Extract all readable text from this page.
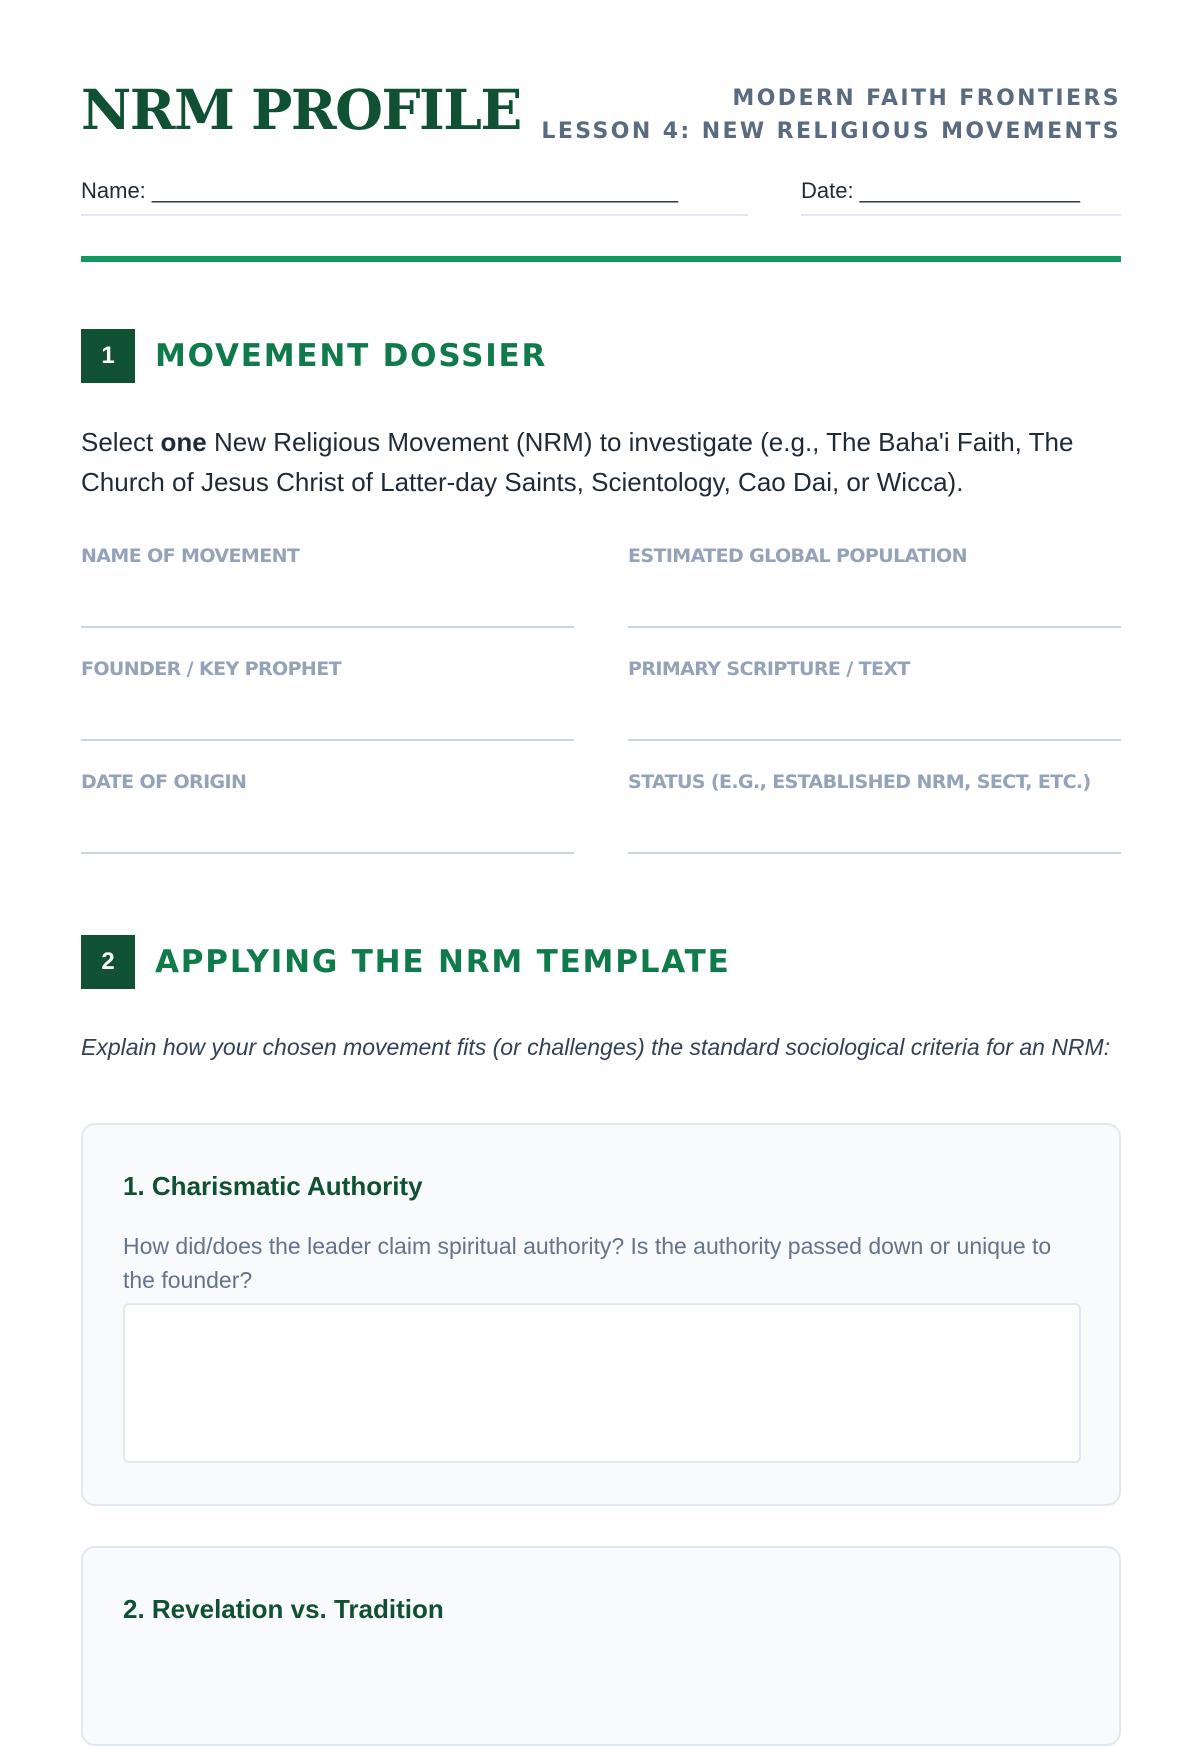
NRM PROFILE	MODERN FAITH FRONTIERS
LESSON 4: NEW RELIGIOUS MOVEMENTS
Name: ___________________________________________	Date: __________________
1	MOVEMENT DOSSIER

Select one New Religious Movement (NRM) to investigate (e.g., The Baha'i Faith, The Church of Jesus Christ of Latter-day Saints, Scientology, Cao Dai, or Wicca).

NAME OF MOVEMENT	ESTIMATED GLOBAL POPULATION
FOUNDER / KEY PROPHET	PRIMARY SCRIPTURE / TEXT
DATE OF ORIGIN	STATUS (E.G., ESTABLISHED NRM, SECT, ETC.)
2	APPLYING THE NRM TEMPLATE

Explain how your chosen movement fits (or challenges) the standard sociological criteria for an NRM:

1. Charismatic Authority
How did/does the leader claim spiritual authority? Is the authority passed down or unique to the founder?
2. Revelation vs. Tradition
